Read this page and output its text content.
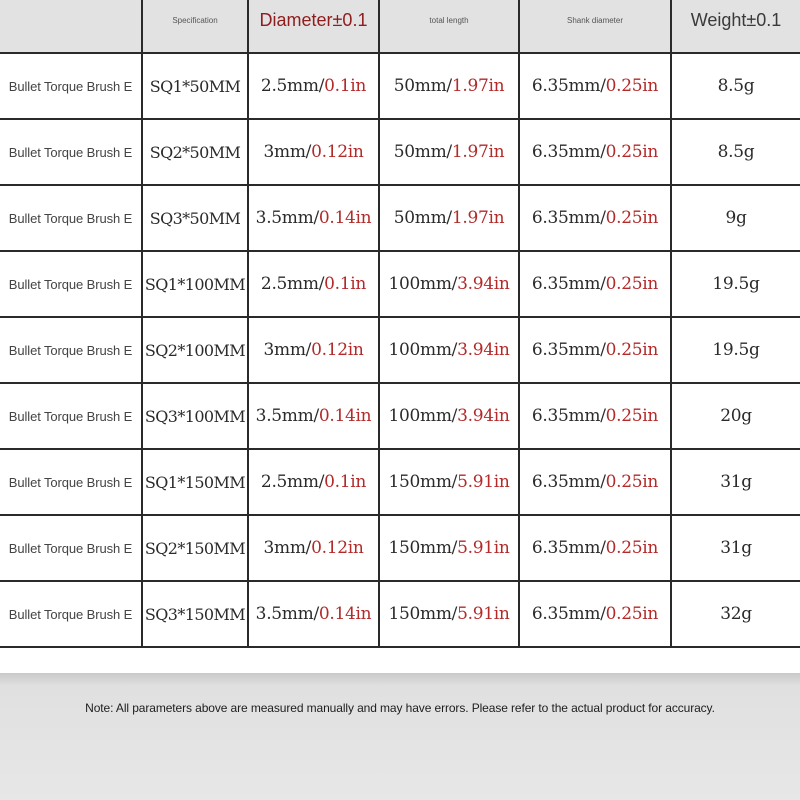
	Specification	Diameter±0.1	total length	Shank diameter	Weight±0.1
Bullet Torque Brush E	SQ1*50MM	2.5mm/0.1in	50mm/1.97in	6.35mm/0.25in	8.5g
Bullet Torque Brush E	SQ2*50MM	3mm/0.12in	50mm/1.97in	6.35mm/0.25in	8.5g
Bullet Torque Brush E	SQ3*50MM	3.5mm/0.14in	50mm/1.97in	6.35mm/0.25in	9g
Bullet Torque Brush E	SQ1*100MM	2.5mm/0.1in	100mm/3.94in	6.35mm/0.25in	19.5g
Bullet Torque Brush E	SQ2*100MM	3mm/0.12in	100mm/3.94in	6.35mm/0.25in	19.5g
Bullet Torque Brush E	SQ3*100MM	3.5mm/0.14in	100mm/3.94in	6.35mm/0.25in	20g
Bullet Torque Brush E	SQ1*150MM	2.5mm/0.1in	150mm/5.91in	6.35mm/0.25in	31g
Bullet Torque Brush E	SQ2*150MM	3mm/0.12in	150mm/5.91in	6.35mm/0.25in	31g
Bullet Torque Brush E	SQ3*150MM	3.5mm/0.14in	150mm/5.91in	6.35mm/0.25in	32g
Note: All parameters above are measured manually and may have errors. Please refer to the actual product for accuracy.
